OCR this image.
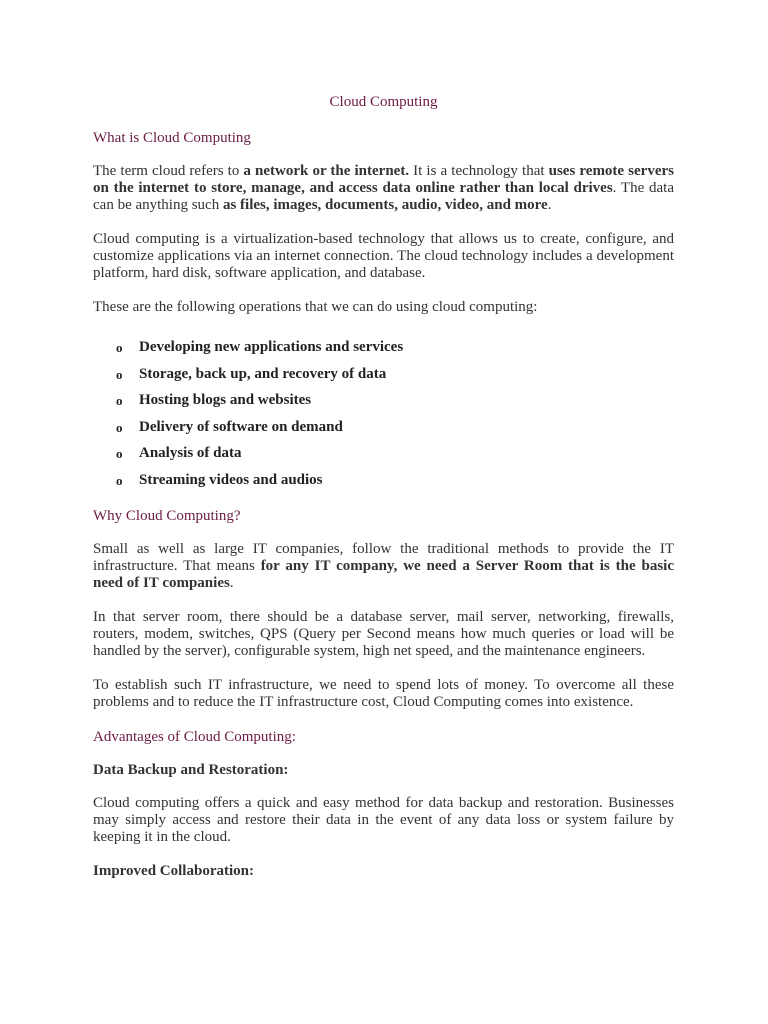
Cloud Computing
What is Cloud Computing

The term cloud refers to a network or the internet. It is a technology that uses remote servers on the internet to store, manage, and access data online rather than local drives. The data can be anything such as files, images, documents, audio, video, and more.

Cloud computing is a virtualization-based technology that allows us to create, configure, and customize applications via an internet connection. The cloud technology includes a development platform, hard disk, software application, and database.

These are the following operations that we can do using cloud computing:

o Developing new applications and services
o Storage, back up, and recovery of data
o Hosting blogs and websites
o Delivery of software on demand
o Analysis of data
o Streaming videos and audios
Why Cloud Computing?

Small as well as large IT companies, follow the traditional methods to provide the IT infrastructure. That means for any IT company, we need a Server Room that is the basic need of IT companies.

In that server room, there should be a database server, mail server, networking, firewalls, routers, modem, switches, QPS (Query per Second means how much queries or load will be handled by the server), configurable system, high net speed, and the maintenance engineers.

To establish such IT infrastructure, we need to spend lots of money. To overcome all these problems and to reduce the IT infrastructure cost, Cloud Computing comes into existence.

Advantages of Cloud Computing:
Data Backup and Restoration:

Cloud computing offers a quick and easy method for data backup and restoration. Businesses may simply access and restore their data in the event of any data loss or system failure by keeping it in the cloud.

Improved Collaboration:
